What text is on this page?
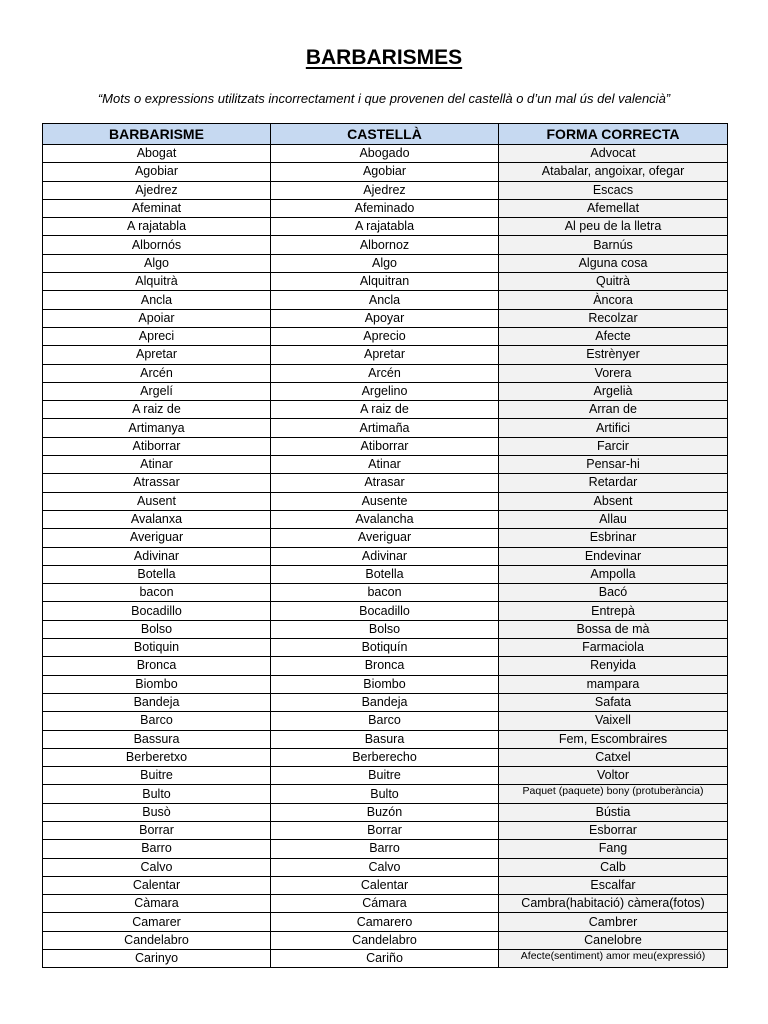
BARBARISMES

“Mots o expressions utilitzats incorrectament i que provenen del castellà o d’un mal ús del valencià”

BARBARISME	CASTELLÀ	FORMA CORRECTA
Abogat	Abogado	Advocat
Agobiar	Agobiar	Atabalar, angoixar, ofegar
Ajedrez	Ajedrez	Escacs
Afeminat	Afeminado	Afemellat
A rajatabla	A rajatabla	Al peu de la lletra
Albornós	Albornoz	Barnús
Algo	Algo	Alguna cosa
Alquitrà	Alquitran	Quitrà
Ancla	Ancla	Àncora
Apoiar	Apoyar	Recolzar
Apreci	Aprecio	Afecte
Apretar	Apretar	Estrènyer
Arcén	Arcén	Vorera
Argelí	Argelino	Argelià
A raiz de	A raiz de	Arran de
Artimanya	Artimaña	Artifici
Atiborrar	Atiborrar	Farcir
Atinar	Atinar	Pensar-hi
Atrassar	Atrasar	Retardar
Ausent	Ausente	Absent
Avalanxa	Avalancha	Allau
Averiguar	Averiguar	Esbrinar
Adivinar	Adivinar	Endevinar
Botella	Botella	Ampolla
bacon	bacon	Bacó
Bocadillo	Bocadillo	Entrepà
Bolso	Bolso	Bossa de mà
Botiquin	Botiquín	Farmaciola
Bronca	Bronca	Renyida
Biombo	Biombo	mampara
Bandeja	Bandeja	Safata
Barco	Barco	Vaixell
Bassura	Basura	Fem, Escombraires
Berberetxo	Berberecho	Catxel
Buitre	Buitre	Voltor
Bulto	Bulto	Paquet (paquete) bony (protuberància)
Busò	Buzón	Bústia
Borrar	Borrar	Esborrar
Barro	Barro	Fang
Calvo	Calvo	Calb
Calentar	Calentar	Escalfar
Càmara	Cámara	Cambra(habitació) càmera(fotos)
Camarer	Camarero	Cambrer
Candelabro	Candelabro	Canelobre
Carinyo	Cariño	Afecte(sentiment) amor meu(expressió)
